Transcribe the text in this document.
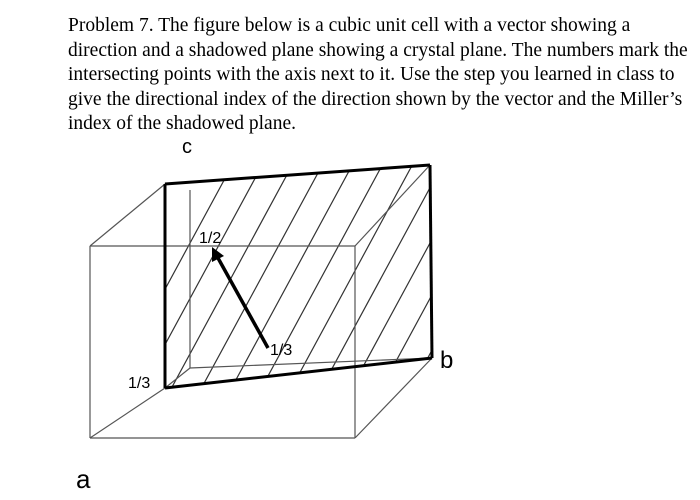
Problem 7. The figure below is a cubic unit cell with a vector showing a direction and a shadowed plane showing a crystal plane. The numbers mark the intersecting points with the axis next to it. Use the step you learned in class to give the directional index of the direction shown by the vector and the Miller’s index of the shadowed plane.

c
b
a
1/2
1/3
1/3
